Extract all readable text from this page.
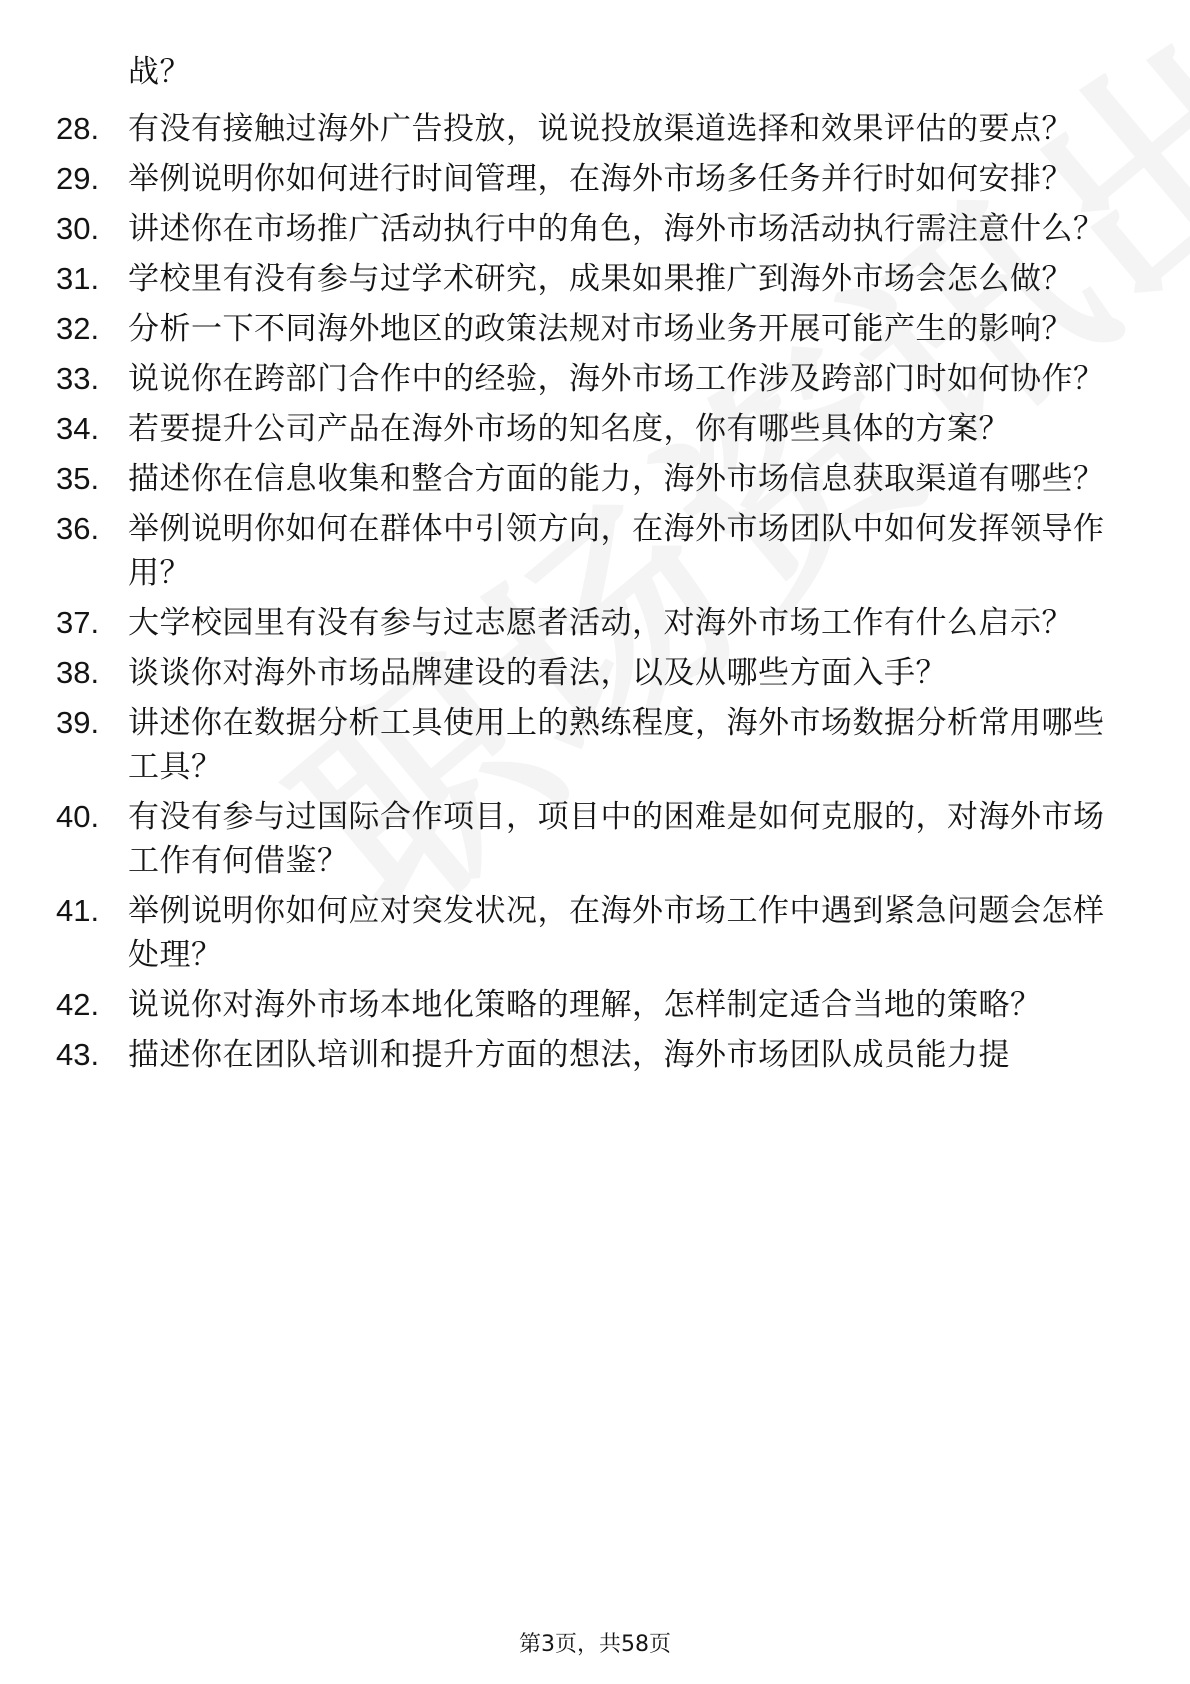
战？
28. 有没有接触过海外广告投放，说说投放渠道选择和效果评估的要点？
29. 举例说明你如何进行时间管理，在海外市场多任务并行时如何安排？
30. 讲述你在市场推广活动执行中的角色，海外市场活动执行需注意什么？
31. 学校里有没有参与过学术研究，成果如果推广到海外市场会怎么做？
32. 分析一下不同海外地区的政策法规对市场业务开展可能产生的影响？
33. 说说你在跨部门合作中的经验，海外市场工作涉及跨部门时如何协作？
34. 若要提升公司产品在海外市场的知名度，你有哪些具体的方案？
35. 描述你在信息收集和整合方面的能力，海外市场信息获取渠道有哪些？
36. 举例说明你如何在群体中引领方向，在海外市场团队中如何发挥领导作用？
37. 大学校园里有没有参与过志愿者活动，对海外市场工作有什么启示？
38. 谈谈你对海外市场品牌建设的看法，以及从哪些方面入手？
39. 讲述你在数据分析工具使用上的熟练程度，海外市场数据分析常用哪些工具？
40. 有没有参与过国际合作项目，项目中的困难是如何克服的，对海外市场工作有何借鉴？
41. 举例说明你如何应对突发状况，在海外市场工作中遇到紧急问题会怎样处理？
42. 说说你对海外市场本地化策略的理解，怎样制定适合当地的策略？
43. 描述你在团队培训和提升方面的想法，海外市场团队成员能力提
第3页，共58页
